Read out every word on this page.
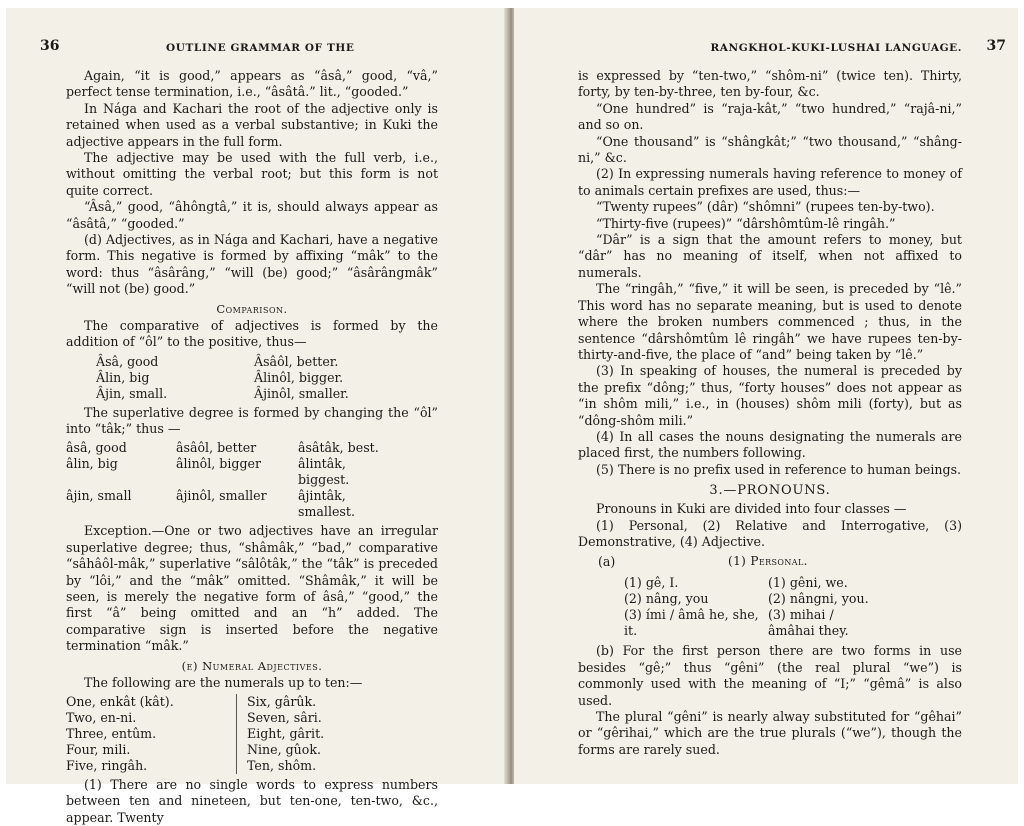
36	OUTLINE GRAMMAR OF THE

Again, “it is good,” appears as “âsâ,” good, “vâ,” perfect tense termination, i.e., “âsâtâ.” lit., “gooded.”

In Nága and Kachari the root of the adjective only is retained when used as a verbal substantive; in Kuki the adjective appears in the full form.

The adjective may be used with the full verb, i.e., without omitting the verbal root; but this form is not quite correct.

“Âsâ,” good, “âhôngtâ,” it is, should always appear as “âsâtâ,” “gooded.”

(d) Adjectives, as in Nága and Kachari, have a negative form. This negative is formed by affixing “mâk” to the word: thus “âsârâng,” “will (be) good;” “âsârângmâk” “will not (be) good.”

Comparison.

The comparative of adjectives is formed by the addition of “ôl” to the positive, thus—

Âsâ, good	Âsâôl, better.
Âlin, big	Âlinôl, bigger.
Âjin, small.	Âjinôl, smaller.

The superlative degree is formed by changing the “ôl” into “tâk;” thus —

âsâ, good	âsâôl, better	âsâtâk, best.
âlin, big	âlinôl, bigger	âlintâk, biggest.
âjin, small	âjinôl, smaller	âjintâk, smallest.

Exception.—One or two adjectives have an irregular superlative degree; thus, “shâmâk,” “bad,” comparative “sâhâôl-mâk,” superlative “sâlôtâk,” the “tâk” is preceded by “lôi,” and the “mâk” omitted. “Shâmâk,” it will be seen, is merely the negative form of âsâ,” “good,” the first “â” being omitted and an “h” added. The comparative sign is inserted before the negative termination “mâk.”

(e) Numeral Adjectives.

The following are the numerals up to ten:—

One, enkât (kât).	Six, gârûk.
Two, en-ni.	Seven, sâri.
Three, entûm.	Eight, gârit.
Four, mili.	Nine, gûok.
Five, ringâh.	Ten, shôm.

(1) There are no single words to express numbers between ten and nineteen, but ten-one, ten-two, &c., appear. Twenty

RANGKHOL-KUKI-LUSHAI LANGUAGE. 37

is expressed by “ten-two,” “shôm-ni” (twice ten). Thirty, forty, by ten-by-three, ten by-four, &c.

“One hundred” is “raja-kât,” “two hundred,” “rajâ-ni,” and so on.

“One thousand” is “shângkât;” “two thousand,” “shâng-ni,” &c.

(2) In expressing numerals having reference to money of to animals certain prefixes are used, thus:—

“Twenty rupees” (dâr) “shômni” (rupees ten-by-two).

“Thirty-five (rupees)” “dârshômtûm-lê ringâh.”

“Dâr” is a sign that the amount refers to money, but “dâr” has no meaning of itself, when not affixed to numerals.

The “ringâh,” “five,” it will be seen, is preceded by “lê.” This word has no separate meaning, but is used to denote where the broken numbers commenced ; thus, in the sentence “dârshômtûm lê ringâh” we have rupees ten-by-thirty-and-five, the place of “and” being taken by “lê.”

(3) In speaking of houses, the numeral is preceded by the prefix “dông;” thus, “forty houses” does not appear as “in shôm mili,” i.e., in (houses) shôm mili (forty), but as “dông-shôm mili.”

(4) In all cases the nouns designating the numerals are placed first, the numbers following.

(5) There is no prefix used in reference to human beings.

3.—PRONOUNS.

Pronouns in Kuki are divided into four classes —

(1) Personal, (2) Relative and Interrogative, (3) Demonstrative, (4) Adjective.

(a)	(1) Personal.
(1) gê, I.	(1) gêni, we.
(2) nâng, you	(2) nângni, you.
(3) ími / âmâ he, she, it.	(3) mihai / âmâhai they.

(b) For the first person there are two forms in use besides “gê;” thus “gêni” (the real plural “we”) is commonly used with the meaning of “I;” “gêmâ” is also used.

The plural “gêni” is nearly alway substituted for “gêhai” or “gêrihai,” which are the true plurals (“we”), though the forms are rarely sued.
